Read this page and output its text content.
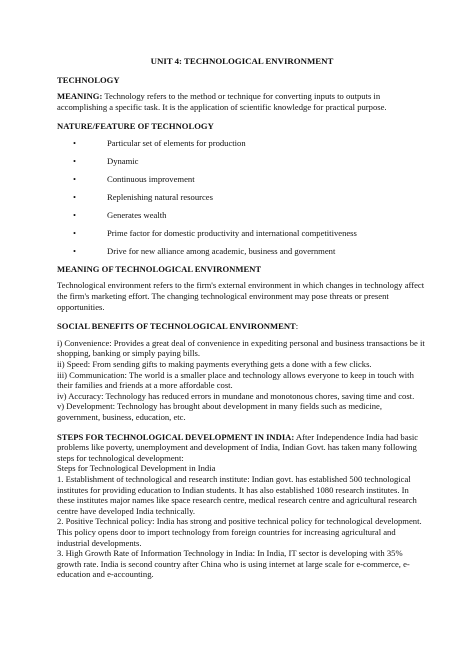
UNIT 4: TECHNOLOGICAL ENVIRONMENT
TECHNOLOGY

MEANING: Technology refers to the method or technique for converting inputs to outputs in accomplishing a specific task. It is the application of scientific knowledge for practical purpose.

NATURE/FEATURE OF TECHNOLOGY
•	Particular set of elements for production
•	Dynamic
•	Continuous improvement
•	Replenishing natural resources
•	Generates wealth
•	Prime factor for domestic productivity and international competitiveness
•	Drive for new alliance among academic, business and government
MEANING OF TECHNOLOGICAL ENVIRONMENT

Technological environment refers to the firm's external environment in which changes in technology affect the firm's marketing effort. The changing technological environment may pose threats or present opportunities.

SOCIAL BENEFITS OF TECHNOLOGICAL ENVIRONMENT:

i) Convenience: Provides a great deal of convenience in expediting personal and business transactions be it shopping, banking or simply paying bills.

ii) Speed: From sending gifts to making payments everything gets a done with a few clicks.

iii) Communication: The world is a smaller place and technology allows everyone to keep in touch with their families and friends at a more affordable cost.

iv) Accuracy: Technology has reduced errors in mundane and monotonous chores, saving time and cost.

v) Development: Technology has brought about development in many fields such as medicine, government, business, education, etc.

STEPS FOR TECHNOLOGICAL DEVELOPMENT IN INDIA: After Independence India had basic problems like poverty, unemployment and development of India, Indian Govt. has taken many following steps for technological development:

Steps for Technological Development in India

1. Establishment of technological and research institute: Indian govt. has established 500 technological institutes for providing education to Indian students. It has also established 1080 research institutes. In these institutes major names like space research centre, medical research centre and agricultural research centre have developed India technically.

2. Positive Technical policy: India has strong and positive technical policy for technological development. This policy opens door to import technology from foreign countries for increasing agricultural and industrial developments.

3. High Growth Rate of Information Technology in India: In India, IT sector is developing with 35% growth rate. India is second country after China who is using internet at large scale for e-commerce, e-education and e-accounting.
